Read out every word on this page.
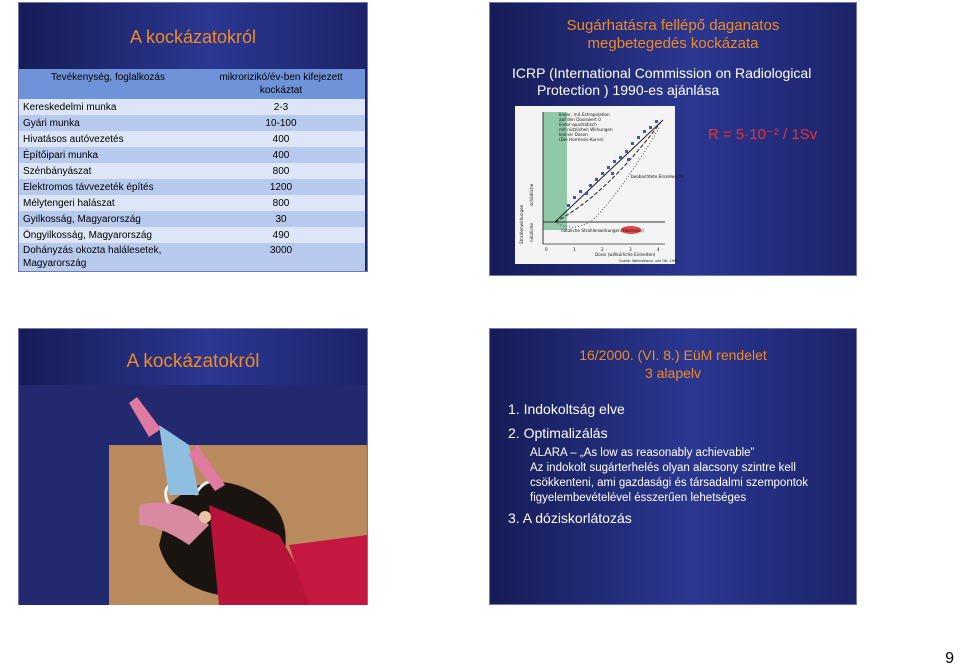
A kockázatokról
Tevékenység, foglalkozás	mikrorizikó/év-ben kifejezett kockáztat
Kereskedelmi munka	2-3
Gyári munka	10-100
Hivatásos autóvezetés	400
Építőipari munka	400
Szénbányászat	800
Elektromos távvezeték építés	1200
Mélytengeri halászat	800
Gyilkosság, Magyarország	30
Öngyilkosság, Magyarország	490
Dohányzás okozta halálesetek, Magyarország	3000
Sugárhatásra fellépő daganatos
megbetegedés kockázata
ICRP (International Commission on Radiological
Protection ) 1990-es ajánlása
linear, mit Extrapolation
auf den Dosiswert 0
linear-quadratisch
mit nützlichen Wirkungen
kleiner Dosen
(Die Hormesis-Kurve)
beobachtete Einzelwerte
nützliche Strahlenwirkungen (Hormesis)
Dosis (willkürliche Einheiten)
Quelle: Wachsmann, une Otr. 1996
0	1	2	3	4
schädliche
nützliche
Strahlenwirkungen
R = 5·10⁻² / 1Sv
A kockázatokról	16/2000. (VI. 8.) EüM rendelet
3 alapelv
1. Indokoltság elve
2. Optimalizálás
ALARA – „As low as reasonably achievable”
Az indokolt sugárterhelés olyan alacsony szintre kell
csökkenteni, ami gazdasági és társadalmi szempontok
figyelembevételével ésszerűen lehetséges
3. A dóziskorlátozás
9
